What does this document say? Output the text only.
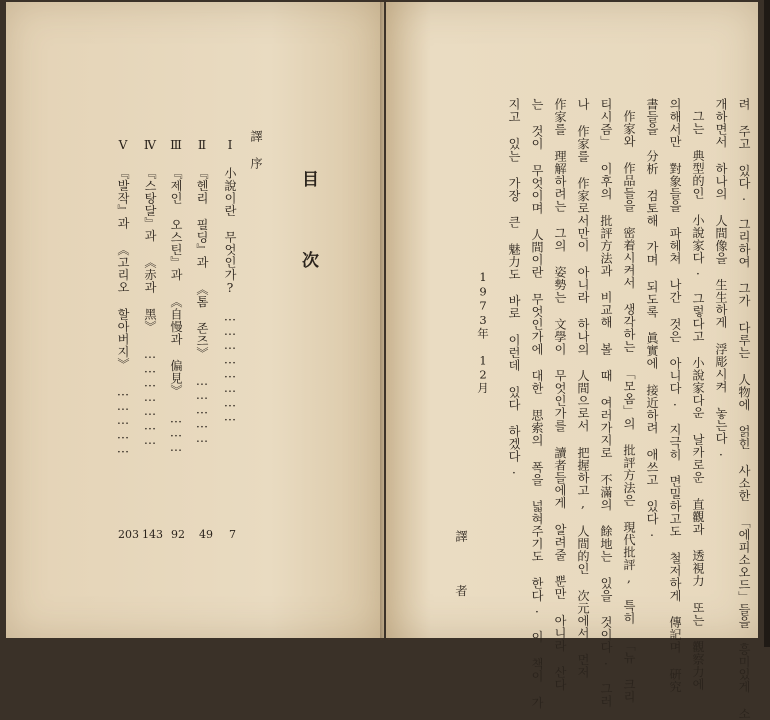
目 次
譯 序
Ⅰ 小說이란 무엇인가? ……………………
7
Ⅱ 『헨리 필딩』과 《톰 존즈》 ……………
49
Ⅲ 『제인 오스틴』과 《自慢과 偏見》 ………
92
Ⅳ 『스탕달』과 《赤과 黑》 …………………
143
Ⅴ 『발작』과 《고리오 할아버지》 ……………
203	려 주고 있다. 그리하여 그가 다루는 人物에 얽힌 사소한 「에피소오드」들을 흥미있게 소
개하면서 하나의 人間像을 生生하게 浮彫시켜 놓는다.
그는 典型的인 小說家다. 그렇다고 小說家다운 날카로운 直觀과 透視力 또는 觀察力에
의해서만 對象들을 파헤쳐 나간 것은 아니다. 지극히 면밀하고도 철저하게 傳記며 硏究
書들을 分析 검토해 가며 되도록 眞實에 接近하려 애쓰고 있다.
作家와 作品들을 密着시켜서 생각하는 「모옴」의 批評方法은 現代批評, 특히 「뉴 크리
티시즘」 이후의 批評方法과 비교해 볼 때 여러가지로 不滿의 餘地는 있을 것이다. 그러
나 作家를 作家로서만이 아니라 하나의 人間으로서 把握하고, 人間的인 次元에서 먼저
作家를 理解하려는 그의 姿勢는 文學이 무엇인가를 讀者들에게 알려줄 뿐만 아니라 산다
는 것이 무엇이며 人間이란 무엇인가에 대한 思索의 폭을 넓혀주기도 한다. 이 책이 가
지고 있는 가장 큰 魅力도 바로 이런데 있다 하겠다.
1973年 12月
譯 者
